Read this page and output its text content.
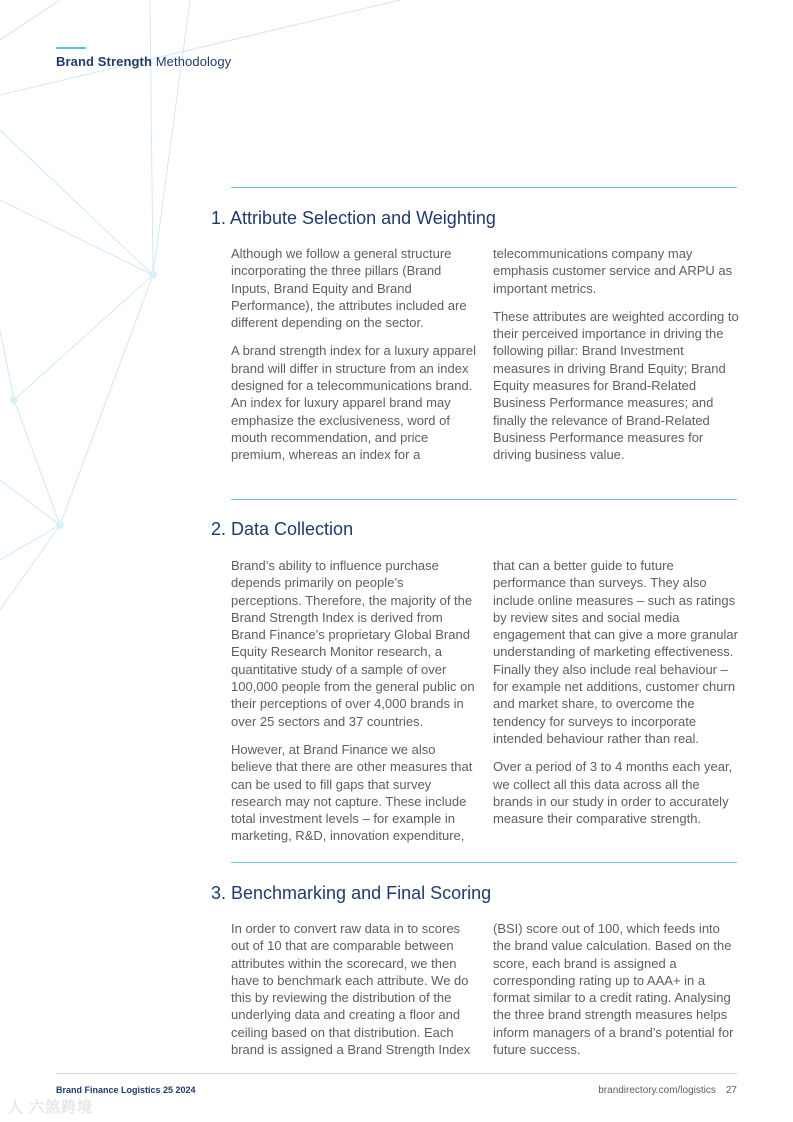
Brand Strength Methodology
1. Attribute Selection and Weighting

Although we follow a general structure incorporating the three pillars (Brand Inputs, Brand Equity and Brand Performance), the attributes included are different depending on the sector.

A brand strength index for a luxury apparel brand will differ in structure from an index designed for a telecommunications brand. An index for luxury apparel brand may emphasize the exclusiveness, word of mouth recommendation, and price premium, whereas an index for a

telecommunications company may emphasis customer service and ARPU as important metrics.

These attributes are weighted according to their perceived importance in driving the following pillar: Brand Investment measures in driving Brand Equity; Brand Equity measures for Brand-Related Business Performance measures; and finally the relevance of Brand-Related Business Performance measures for driving business value.

2. Data Collection

Brand’s ability to influence purchase depends primarily on people’s perceptions. Therefore, the majority of the Brand Strength Index is derived from Brand Finance’s proprietary Global Brand Equity Research Monitor research, a quantitative study of a sample of over 100,000 people from the general public on their perceptions of over 4,000 brands in over 25 sectors and 37 countries.

However, at Brand Finance we also believe that there are other measures that can be used to fill gaps that survey research may not capture. These include total investment levels – for example in marketing, R&D, innovation expenditure,

that can a better guide to future performance than surveys. They also include online measures – such as ratings by review sites and social media engagement that can give a more granular understanding of marketing effectiveness. Finally they also include real behaviour – for example net additions, customer churn and market share, to overcome the tendency for surveys to incorporate intended behaviour rather than real.

Over a period of 3 to 4 months each year, we collect all this data across all the brands in our study in order to accurately measure their comparative strength.

3. Benchmarking and Final Scoring

In order to convert raw data in to scores out of 10 that are comparable between attributes within the scorecard, we then have to benchmark each attribute. We do this by reviewing the distribution of the underlying data and creating a floor and ceiling based on that distribution. Each brand is assigned a Brand Strength Index

(BSI) score out of 100, which feeds into the brand value calculation. Based on the score, each brand is assigned a corresponding rating up to AAA+ in a format similar to a credit rating. Analysing the three brand strength measures helps inform managers of a brand’s potential for future success.

Brand Finance Logistics 25 2024	brandirectory.com/logistics 27
人 六煞跨境
